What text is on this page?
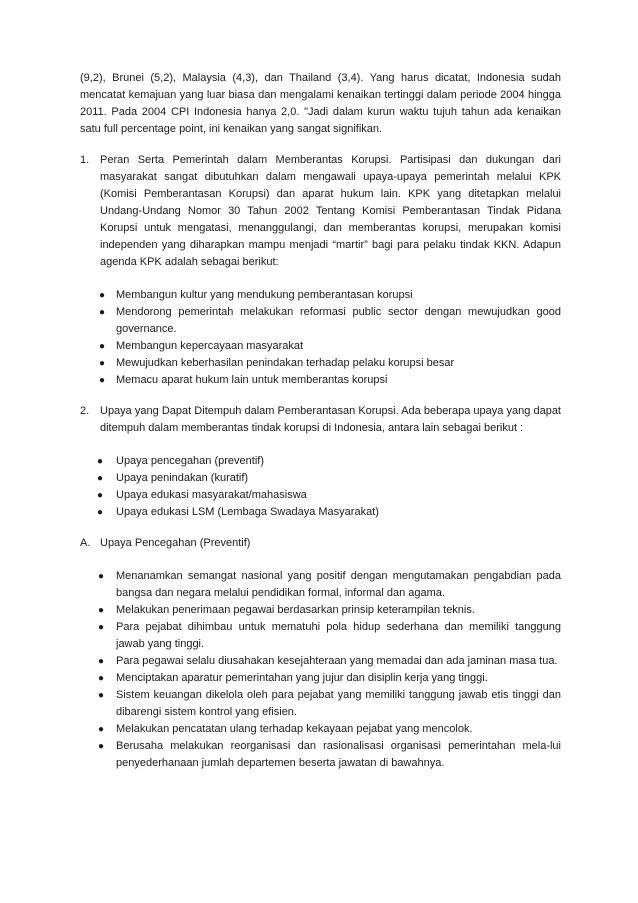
(9,2), Brunei (5,2), Malaysia (4,3), dan Thailand (3,4). Yang harus dicatat, Indonesia sudah mencatat kemajuan yang luar biasa dan mengalami kenaikan tertinggi dalam periode 2004 hingga 2011. Pada 2004 CPI Indonesia hanya 2,0. "Jadi dalam kurun waktu tujuh tahun ada kenaikan satu full percentage point, ini kenaikan yang sangat signifikan.

1. Peran Serta Pemerintah dalam Memberantas Korupsi. Partisipasi dan dukungan dari masyarakat sangat dibutuhkan dalam mengawali upaya-upaya pemerintah melalui KPK (Komisi Pemberantasan Korupsi) dan aparat hukum lain. KPK yang ditetapkan melalui Undang-Undang Nomor 30 Tahun 2002 Tentang Komisi Pemberantasan Tindak Pidana Korupsi untuk mengatasi, menanggulangi, dan memberantas korupsi, merupakan komisi independen yang diharapkan mampu menjadi “martir” bagi para pelaku tindak KKN. Adapun agenda KPK adalah sebagai berikut:

● Membangun kultur yang mendukung pemberantasan korupsi
● Mendorong pemerintah melakukan reformasi public sector dengan mewujudkan good governance.
● Membangun kepercayaan masyarakat
● Mewujudkan keberhasilan penindakan terhadap pelaku korupsi besar
● Memacu aparat hukum lain untuk memberantas korupsi
2. Upaya yang Dapat Ditempuh dalam Pemberantasan Korupsi. Ada beberapa upaya yang dapat ditempuh dalam memberantas tindak korupsi di Indonesia, antara lain sebagai berikut :

● Upaya pencegahan (preventif)
● Upaya penindakan (kuratif)
● Upaya edukasi masyarakat/mahasiswa
● Upaya edukasi LSM (Lembaga Swadaya Masyarakat)
A. Upaya Pencegahan (Preventif)

● Menanamkan semangat nasional yang positif dengan mengutamakan pengabdian pada bangsa dan negara melalui pendidikan formal, informal dan agama.
● Melakukan penerimaan pegawai berdasarkan prinsip keterampilan teknis.
● Para pejabat dihimbau untuk mematuhi pola hidup sederhana dan memiliki tanggung jawab yang tinggi.
● Para pegawai selalu diusahakan kesejahteraan yang memadai dan ada jaminan masa tua.
● Menciptakan aparatur pemerintahan yang jujur dan disiplin kerja yang tinggi.
● Sistem keuangan dikelola oleh para pejabat yang memiliki tanggung jawab etis tinggi dan dibarengi sistem kontrol yang efisien.
● Melakukan pencatatan ulang terhadap kekayaan pejabat yang mencolok.
● Berusaha melakukan reorganisasi dan rasionalisasi organisasi pemerintahan mela-lui penyederhanaan jumlah departemen beserta jawatan di bawahnya.
